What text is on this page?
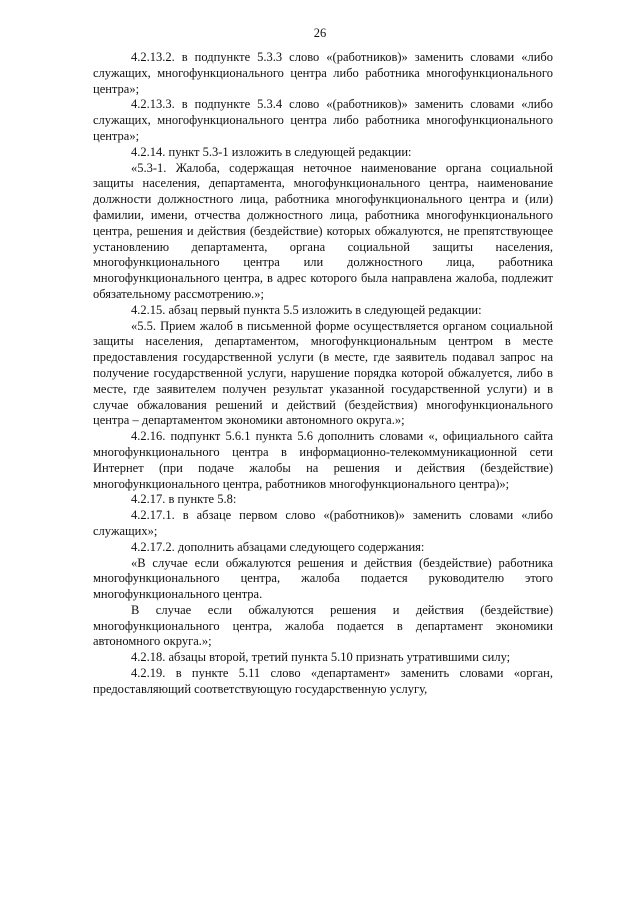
26

4.2.13.2. в подпункте 5.3.3 слово «(работников)» заменить словами «либо служащих, многофункционального центра либо работника многофункционального центра»;

4.2.13.3. в подпункте 5.3.4 слово «(работников)» заменить словами «либо служащих, многофункционального центра либо работника многофункционального центра»;

4.2.14. пункт 5.3-1 изложить в следующей редакции:

«5.3-1. Жалоба, содержащая неточное наименование органа социальной защиты населения, департамента, многофункционального центра, наименование должности должностного лица, работника многофункционального центра и (или) фамилии, имени, отчества должностного лица, работника многофункционального центра, решения и действия (бездействие) которых обжалуются, не препятствующее установлению департамента, органа социальной защиты населения, многофункционального центра или должностного лица, работника многофункционального центра, в адрес которого была направлена жалоба, подлежит обязательному рассмотрению.»;

4.2.15. абзац первый пункта 5.5 изложить в следующей редакции:

«5.5. Прием жалоб в письменной форме осуществляется органом социальной защиты населения, департаментом, многофункциональным центром в месте предоставления государственной услуги (в месте, где заявитель подавал запрос на получение государственной услуги, нарушение порядка которой обжалуется, либо в месте, где заявителем получен результат указанной государственной услуги) и в случае обжалования решений и действий (бездействия) многофункционального центра – департаментом экономики автономного округа.»;

4.2.16. подпункт 5.6.1 пункта 5.6 дополнить словами «, официального сайта многофункционального центра в информационно-телекоммуникационной сети Интернет (при подаче жалобы на решения и действия (бездействие) многофункционального центра, работников многофункционального центра)»;

4.2.17. в пункте 5.8:

4.2.17.1. в абзаце первом слово «(работников)» заменить словами «либо служащих»;

4.2.17.2. дополнить абзацами следующего содержания:

«В случае если обжалуются решения и действия (бездействие) работника многофункционального центра, жалоба подается руководителю этого многофункционального центра.

В случае если обжалуются решения и действия (бездействие) многофункционального центра, жалоба подается в департамент экономики автономного округа.»;

4.2.18. абзацы второй, третий пункта 5.10 признать утратившими силу;

4.2.19. в пункте 5.11 слово «департамент» заменить словами «орган, предоставляющий соответствующую государственную услугу,
